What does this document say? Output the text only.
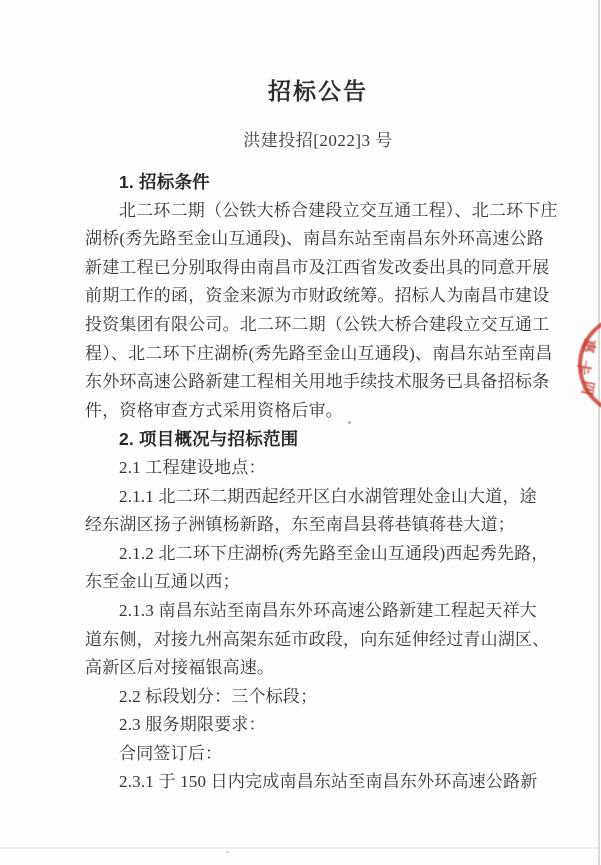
招标公告
洪建投招[2022]3 号
1. 招标条件
北二环二期（公铁大桥合建段立交互通工程）、北二环下庄
湖桥(秀先路至金山互通段)、南昌东站至南昌东外环高速公路
新建工程已分别取得由南昌市及江西省发改委出具的同意开展
前期工作的函，资金来源为市财政统筹。招标人为南昌市建设
投资集团有限公司。北二环二期（公铁大桥合建段立交互通工
程）、北二环下庄湖桥(秀先路至金山互通段)、南昌东站至南昌
东外环高速公路新建工程相关用地手续技术服务已具备招标条
件，资格审查方式采用资格后审。
2. 项目概况与招标范围
2.1 工程建设地点：
2.1.1 北二环二期西起经开区白水湖管理处金山大道，途
经东湖区扬子洲镇杨新路，东至南昌县蒋巷镇蒋巷大道；
2.1.2 北二环下庄湖桥(秀先路至金山互通段)西起秀先路，
东至金山互通以西；
2.1.3 南昌东站至南昌东外环高速公路新建工程起天祥大
道东侧，对接九州高架东延市政段，向东延伸经过青山湖区、
高新区后对接福银高速。
2.2 标段划分：三个标段；
2.3 服务期限要求：
合同签订后：
2.3.1 于 150 日内完成南昌东站至南昌东外环高速公路新
惠
卡
四
